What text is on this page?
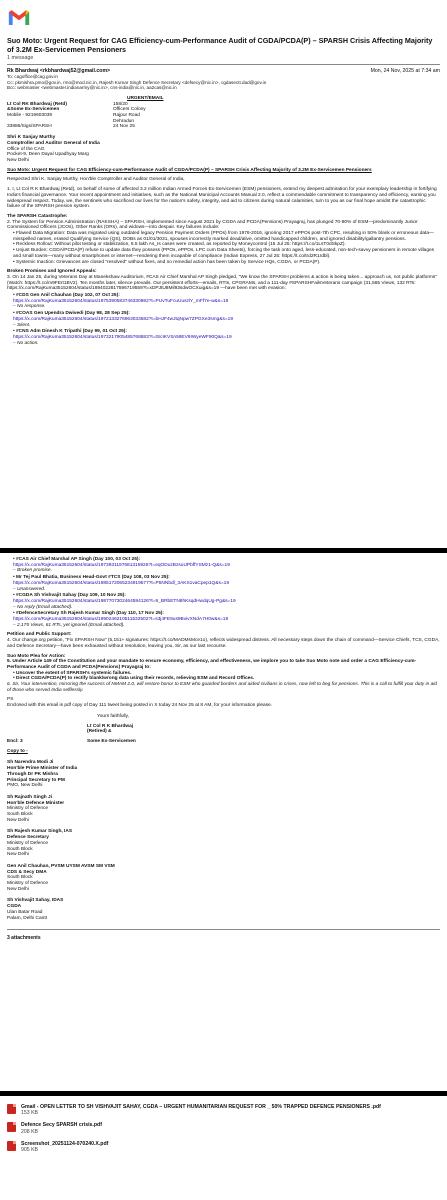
Suo Moto: Urgent Request for CAG Efficiency-cum-Performance Audit of CGDA/PCDA(P) – SPARSH Crisis Affecting Majority of 3.2M Ex-Servicemen Pensioners
1 message
Rk Bhardwaj <rkbhardwaj52@gmail.com>	Mon, 24 Nov, 2025 at 7:34 am
To: cagoffice@cag.gov.in
Cc: pkmishra.pmo@gov.in, rmo@mod.nic.in, Rajesh Kumar Singh Defence Secretary <defsecy@nic.in>, cgdasectt.dad@gov.in
Bcc: webmaster <webmaster.indianarmy@nic.in>, cns-india@nic.in, aa2cas@nic.in
URGENT/EMAIL
Lt Col RK Bhardwaj (Retd)
&Some Ex-Servicemen
Mobile - 9219603039
33886/Sigs/SPARSH
158/20
Officers Colony
Rajpur Road
Dehradun
24 Nov 25
Shri K Sanjay Murthy
Comptroller and Auditor General of India
Office of the CAG
Pocket-9, Deen Dayal Upadhyay Marg
New Delhi

Suo Moto: Urgent Request for CAG Efficiency-cum-Performance Audit of CGDA/PCDA(P) – SPARSH Crisis Affecting Majority of 3.2M Ex-Servicemen Pensioners

Respected Shri K. Sanjay Murthy, Hon'ble Comptroller and Auditor General of India,

1. I, Lt Col R K Bhardwaj (Retd), on behalf of some of affected 3.2 million Indian Armed Forces Ex-Servicemen (ESM) pensioners, extend my deepest admiration for your exemplary leadership in fortifying India's financial governance. Your recent appointment and initiatives, such as the National Municipal Accounts Manual 2.0, reflect a commendable commitment to transparency and efficiency, earning you widespread respect. Today, we, the sentinels who sacrificed our lives for the nation's safety, integrity, and aid to citizens during natural calamities, turn to you as our final hope amidst the catastrophic failure of the SPARSH pension system.

The SPARSH Catastrophe:

2. The System for Pension Administration (RAKSHA) – SPARSH, implemented since August 2021 by CGDA and PCDA(Pensions) Prayagraj, has plunged 70-80% of ESM—predominantly Junior Commissioned Officers (JCOs), Other Ranks (ORs), and widows—into despair. Key failures include:
• Flawed Data Migration: Data was migrated using outdated legacy Pension Payment Orders (PPOs) from 1976-2016, ignoring 2017 ePPOs post-7th CPC, resulting in 50% blank or erroneous data—misspelled names, erased Qualifying Service (QS), DOBs as 01/01/3031, spouses incorrectly marked dead/alive, omitted handicapped children, and ignored disability/gallantry pensions.
• Reckless Rollout: Without pilot testing or stabilization, 6.5 lakh As_Is cases were created, as reported by Moneycontrol (15 Jul 25: https://t.co/1LsT0dSkpZ).
• Unjust Burden: CGDA/PCDA(P) refuse to update data they possess (PPOs, ePPOs, LPC cum Data Sheets), forcing the task onto aged, less-educated, non-tech-savvy pensioners in remote villages and small towns—many without smartphones or internet—rendering them incapable of compliance (Indian Express, 27 Jul 25: https://t.co/trd2R1rdbl).
• Systemic Inaction: Grievances are closed "resolved" without fixes, and no remedial action has been taken by Service HQs, CGDA, or PCDA(P).

Broken Promises and Ignored Appeals:

3. On 14 Jan 25, during Veterans Day at Manekshaw Auditorium, #CAS Air Chief Marshal AP Singh pledged, "We know the SPARSH problems & action is being taken... approach us, not public platforms" (Watch: https://t.co/m9FErt1BV2). Ten months later, silence prevails. Our persistent efforts—emails, RTIs, CPGRAMs, and a 111-day #SPARSHFailsVeterans campaign (31,565 Views, 132 RTs: https://x.com/RajKuma35152604/status/1894022817596719559?t=xDPJtU8Mil93sdwOCXuig&s=19 —have been met with evasion:
• #CDS Gen Anil Chauhan (Day 102, 07 Oct 25):
https://x.com/RajKuma35152604/status/1975390583746330982?t=PUvTuFcuUuszlY_mFf7e-w&s=19
– No response.
• #COAS Gen Upendra Dwivedi (Day 98, 28 Sep 25):
https://x.com/RajKuma35152604/status/1972133276963033582?t=bHJF4wJtqNpw7ZPGXe3smg&s=19
– Silent.
• #CNS Adm Dinesh K Tripathi (Day 99, 01 Oct 25):
https://x.com/RajKuma35152604/status/1973217905485768883?t=tScIKVSn59EV9IWyeWF90Q&s=19
– No action.
• #CAS Air Chief Marshal AP Singh (Day 100, 03 Oct 25):
https://x.com/RajKuma35152604/status/1973931197681315925?t=eqODuzBzsuUPbffYSMz1-Q&s=19
– Broken promise.
• Mr Tej Paul Bhatia, Business Head-Govt #TCS (Day 108, 03 Nov 25):
https://x.com/RajKuma35152604/status/1985172065234919577?t=P5NNbdl_3AKS1vaCpep1Q&s=19
– Unanswered.
• #CGDA Sh Vishvajit Sahay (Day 109, 10 Nov 25):
https://x.com/RajKuma35152604/status/1987707302464594126?t=9_BRbETN8hKsqdHwdqUg-Pg&s=19
– No reply (Email attached).
• #DefenceSecretary Sh Rajesh Kumar Singh (Day 110, 17 Nov 25):
https://x.com/RajKuma35152604/status/1990246210511532502?t=s3j4FE9us9BvivXNdA7H0w&s=19
– 2,175 Views, 61 RTs, yet ignored (Email attached).

Petition and Public Support:

4. Our change.org petition, "Fix SPARSH Now" (5,151+ signatures: https://t.co/MADMsMce1o), reflects widespread distress. All necessary steps down the chain of command—Service Chiefs, TCS, CGDA, and Defence Secretary—have been exhausted without resolution, leaving you, Sir, as our last recourse.

Suo Moto Plea for Action:

5. Under Article 149 of the Constitution and your mandate to ensure economy, efficiency, and effectiveness, we implore you to take Suo Moto note and order a CAG Efficiency-cum-Performance Audit of CGDA and PCDA(Pensions) Prayagraj to:
• Uncover the extent of SPARSH's systemic failures.
• Direct CGDA/PCDA(P) to rectify blank/wrong data using their records, relieving ESM and Record Offices.
6. Sir, Your intervention, mirroring the success of NMAM 2.0, will restore honor to ESM who guarded borders and aided civilians in crises, now left to beg for pensions. This is a call to fulfill your duty in aid of those who served India selflessly.

PS

Enclosed with this email is pdf copy of Day 111 tweet being posted in X today 24 Nov 25 at 8 AM, for your information please.
Yours faithfully,
Lt Col R K Bhardwaj
(Retired) &
Encl: 3	Some Ex-Servicemen

Copy to -

Sh Narendra Modi Ji
Hon'ble Prime Minister of India
Through Dr PK Mishra
Principal Secretary to PM
PMO, New Delhi
Sh Rajnath Singh Ji
Hon'ble Defence Minister
Ministry of Defence
South Block
New Delhi
Sh Rajesh Kumar Singh, IAS
Defence Secretary
Ministry of Defence
South Block
New Delhi
Gen Anil Chauhan, PVSM UYSM AVSM SM VSM
CDS & Secy DMA
South Block
Ministry of Defence
New Delhi
Sh Vishvajit Sahay, IDAS
CGDA
Ulan Batar Road
Palam, Delhi Cantt
3 attachments
Gmail - OPEN LETTER TO SH VISHVAJIT SAHAY, CGDA – URGENT HUMANITARIAN REQUEST FOR _ 50% TRAPPED DEFENCE PENSIONERS .pdf
153 KB
Defence Secy SPARSH crisis.pdf
208 KB
Screenshot_20251124-070240.X.pdf
905 KB
